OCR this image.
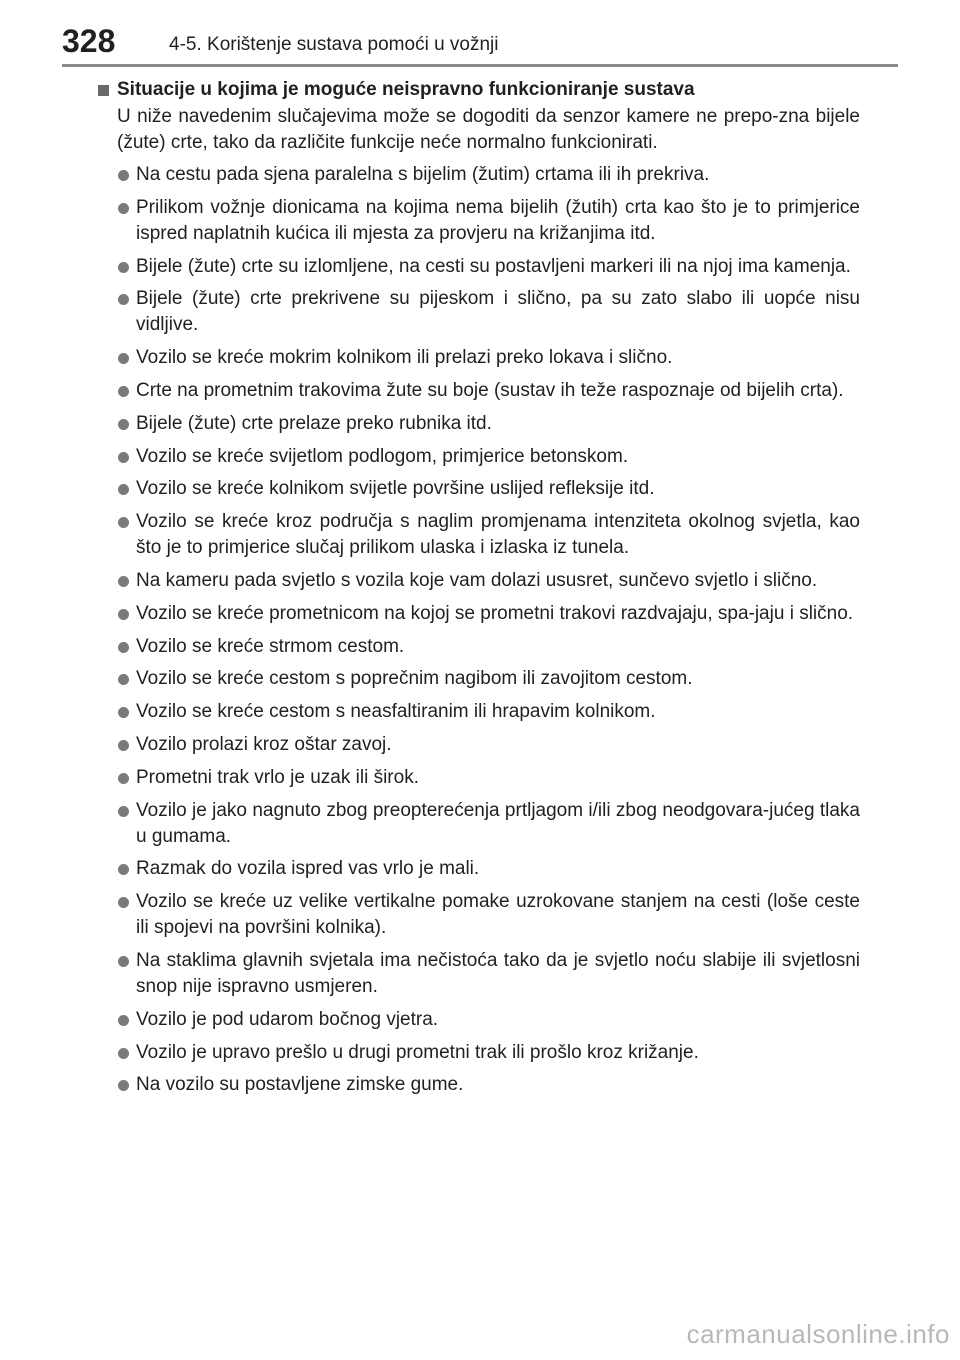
328	4-5. Korištenje sustava pomoći u vožnji
Situacije u kojima je moguće neispravno funkcioniranje sustava

U niže navedenim slučajevima može se dogoditi da senzor kamere ne prepo-zna bijele (žute) crte, tako da različite funkcije neće normalno funkcionirati.

Na cestu pada sjena paralelna s bijelim (žutim) crtama ili ih prekriva.
Prilikom vožnje dionicama na kojima nema bijelih (žutih) crta kao što je to primjerice ispred naplatnih kućica ili mjesta za provjeru na križanjima itd.
Bijele (žute) crte su izlomljene, na cesti su postavljeni markeri ili na njoj ima kamenja.
Bijele (žute) crte prekrivene su pijeskom i slično, pa su zato slabo ili uopće nisu vidljive.
Vozilo se kreće mokrim kolnikom ili prelazi preko lokava i slično.
Crte na prometnim trakovima žute su boje (sustav ih teže raspoznaje od bijelih crta).
Bijele (žute) crte prelaze preko rubnika itd.
Vozilo se kreće svijetlom podlogom, primjerice betonskom.
Vozilo se kreće kolnikom svijetle površine uslijed refleksije itd.
Vozilo se kreće kroz područja s naglim promjenama intenziteta okolnog svjetla, kao što je to primjerice slučaj prilikom ulaska i izlaska iz tunela.
Na kameru pada svjetlo s vozila koje vam dolazi ususret, sunčevo svjetlo i slično.
Vozilo se kreće prometnicom na kojoj se prometni trakovi razdvajaju, spa-jaju i slično.
Vozilo se kreće strmom cestom.
Vozilo se kreće cestom s poprečnim nagibom ili zavojitom cestom.
Vozilo se kreće cestom s neasfaltiranim ili hrapavim kolnikom.
Vozilo prolazi kroz oštar zavoj.
Prometni trak vrlo je uzak ili širok.
Vozilo je jako nagnuto zbog preopterećenja prtljagom i/ili zbog neodgovara-jućeg tlaka u gumama.
Razmak do vozila ispred vas vrlo je mali.
Vozilo se kreće uz velike vertikalne pomake uzrokovane stanjem na cesti (loše ceste ili spojevi na površini kolnika).
Na staklima glavnih svjetala ima nečistoća tako da je svjetlo noću slabije ili svjetlosni snop nije ispravno usmjeren.
Vozilo je pod udarom bočnog vjetra.
Vozilo je upravo prešlo u drugi prometni trak ili prošlo kroz križanje.
Na vozilo su postavljene zimske gume.
carmanualsonline.info
